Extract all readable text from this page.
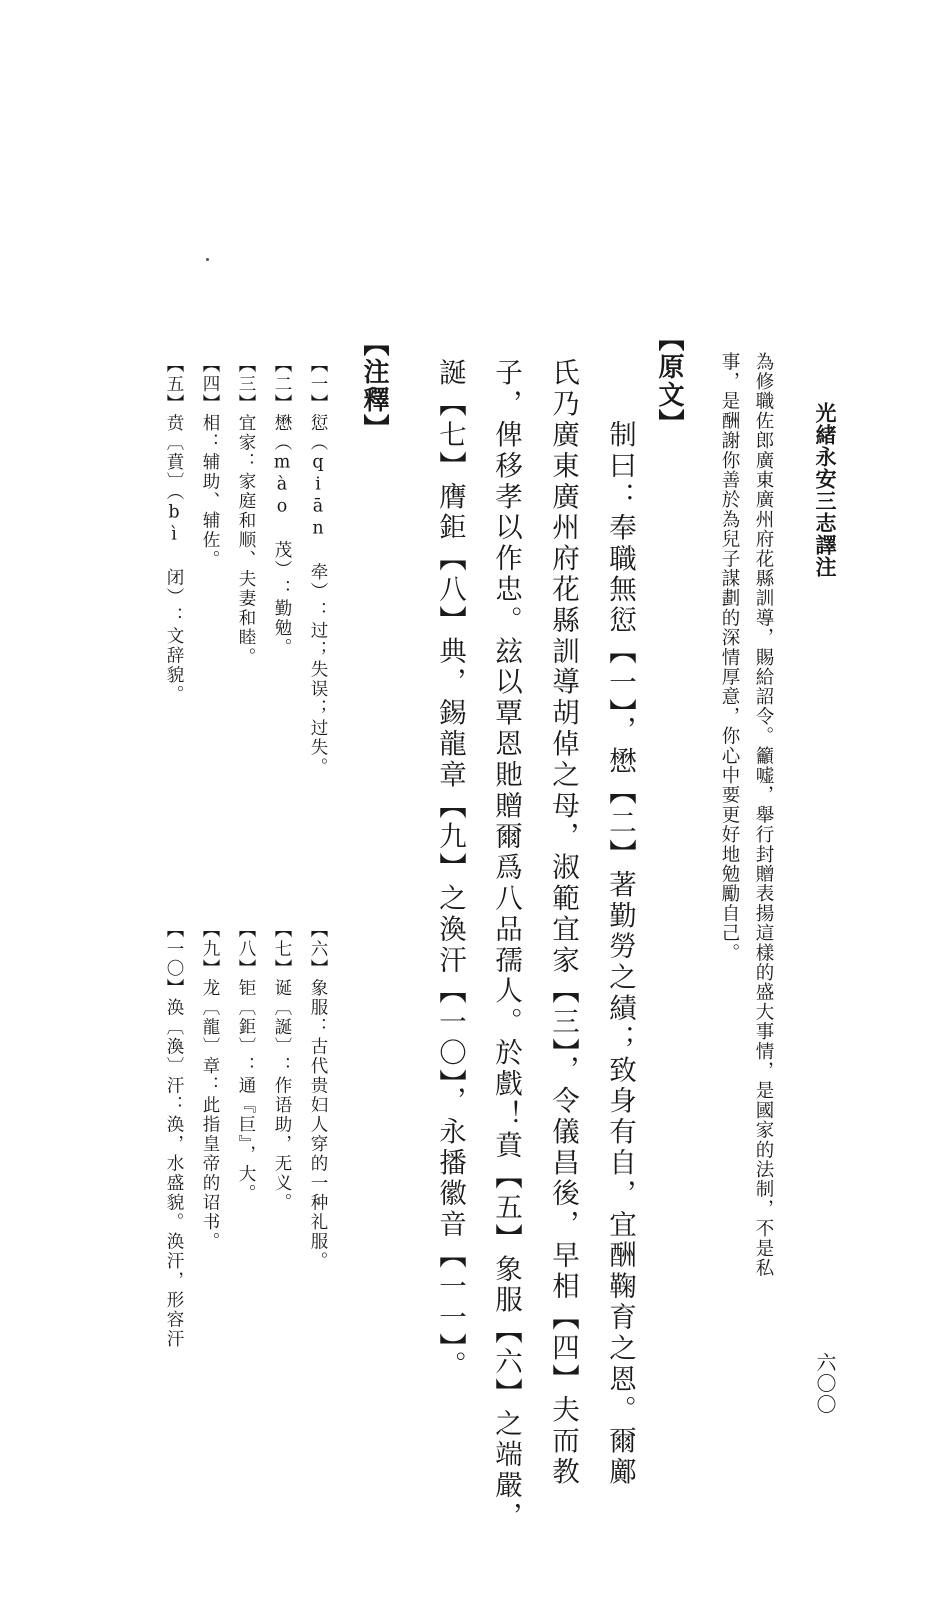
光緒永安三志譯注
六〇〇
為修職佐郎廣東廣州府花縣訓導，賜給詔令。籲嘘，舉行封贈表揚這樣的盛大事情，是國家的法制，不是私
事，是酬謝你善於為兒子謀劃的深情厚意，你心中要更好地勉勵自己。
【原文】
制曰：奉職無愆【一】，懋【二】著勤勞之績；致身有自，宜酬鞠育之恩。爾鄺
氏乃廣東廣州府花縣訓導胡倬之母，淑範宜家【三】，令儀昌後，早相【四】夫而教
子，俾移孝以作忠。玆以覃恩貤贈爾爲八品孺人。於戲！賁【五】象服【六】之端嚴，
誕【七】膺鉅【八】典，錫龍章【九】之渙汗【一〇】，永播徽音【一一】。
【注釋】
【一】愆（qiān 牵）：过；失误；过失。
【二】懋（mào 茂）：勤勉。
【三】宜家：家庭和顺、夫妻和睦。
【四】相：辅助、辅佐。
【五】贲〔賁〕（bì 闭）：文辞貌。
【六】象服：古代贵妇人穿的一种礼服。
【七】诞〔誕〕：作语助，无义。
【八】钜〔鉅〕：通『巨』，大。
【九】龙〔龍〕章：此指皇帝的诏书。
【一〇】涣〔渙〕汗：涣，水盛貌。涣汗，形容汗
